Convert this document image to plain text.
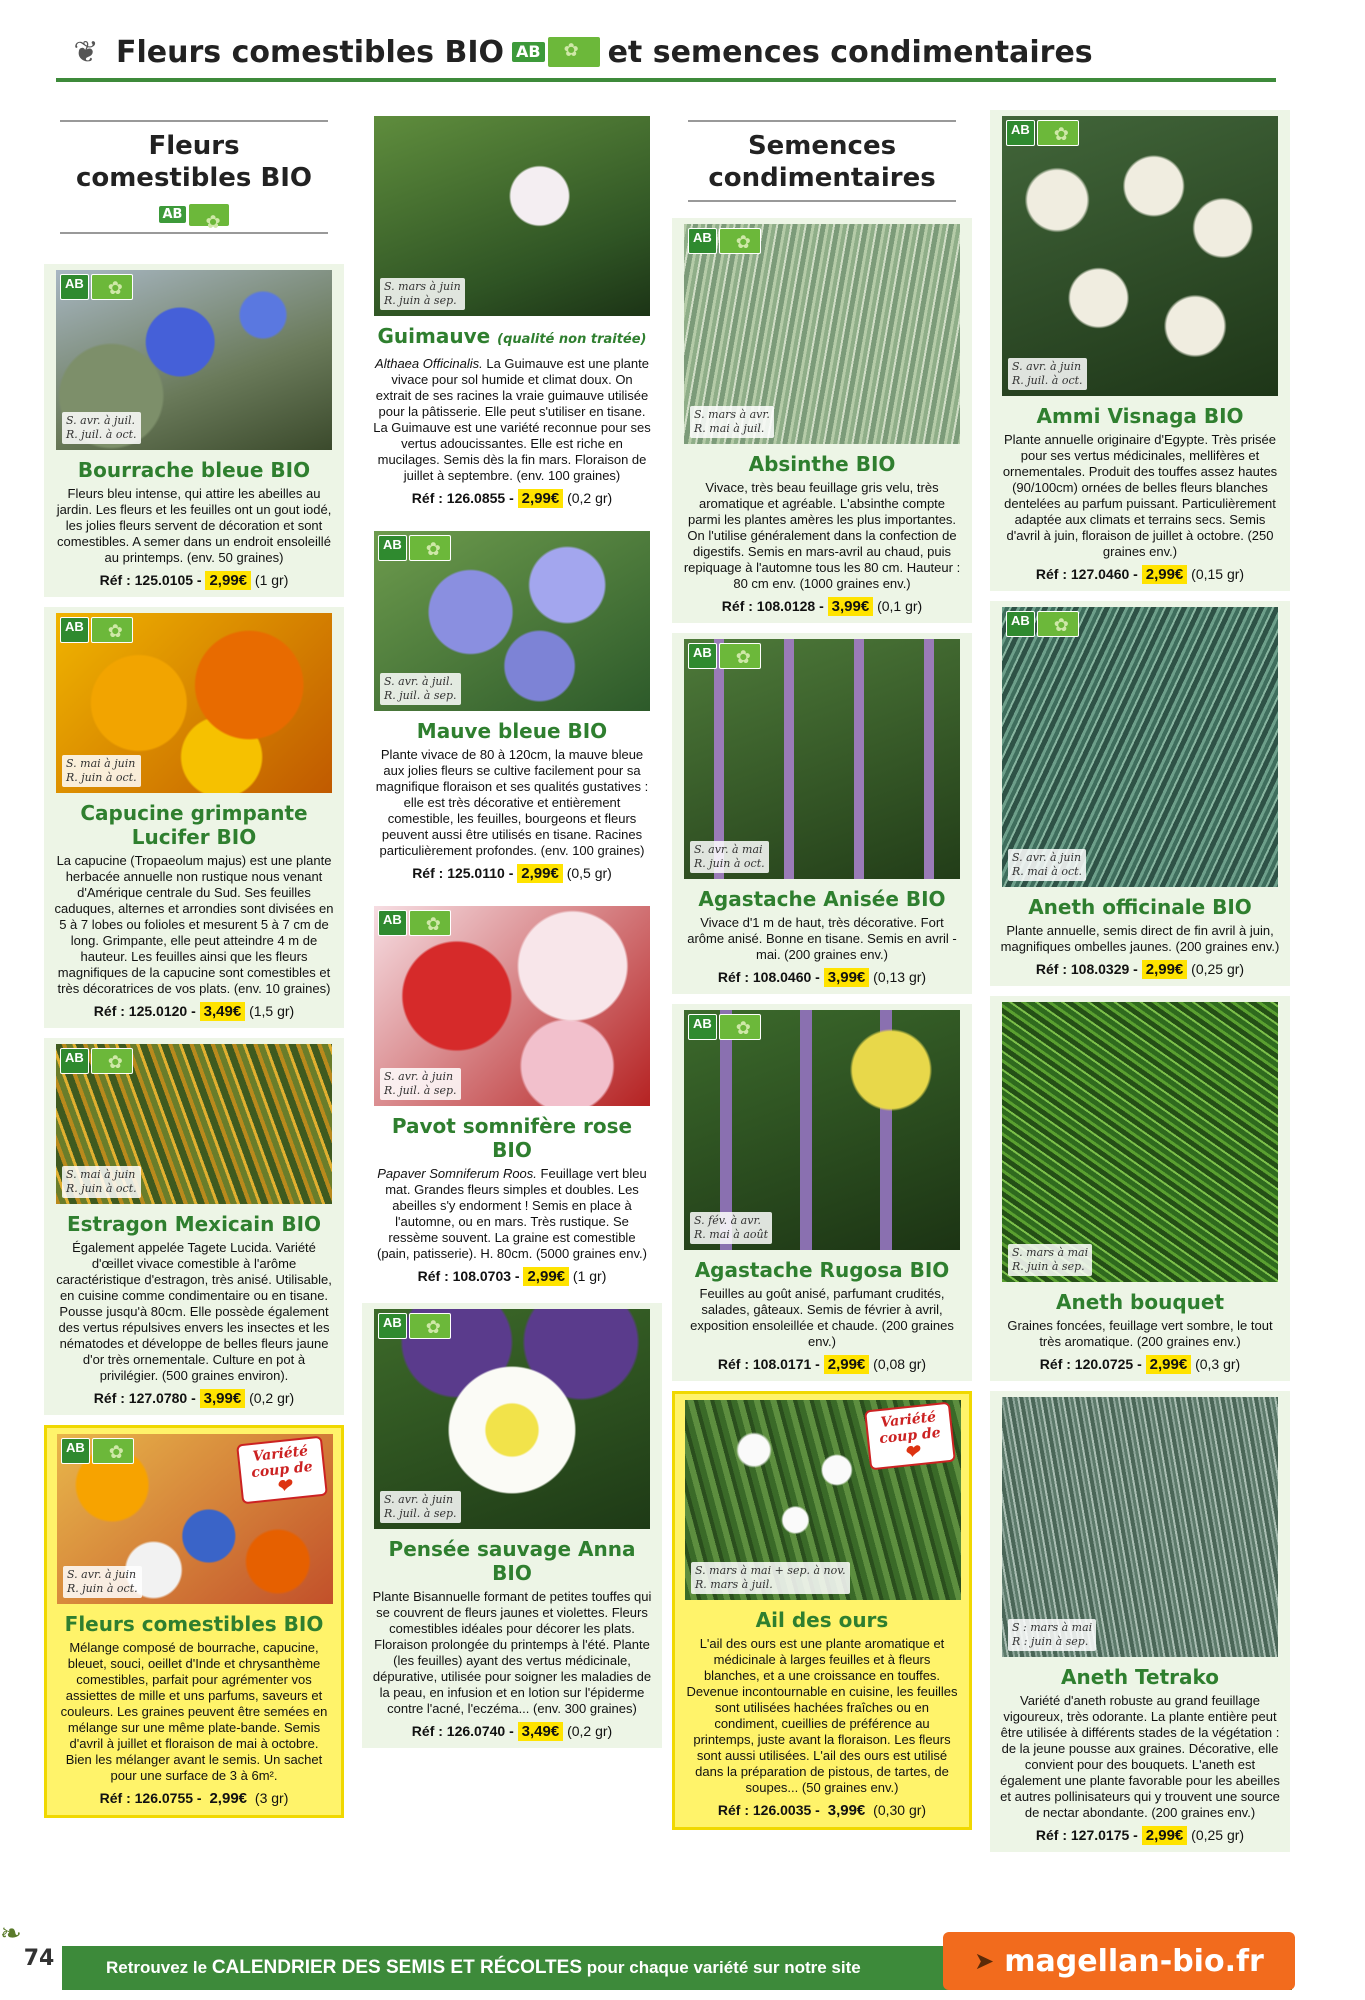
❦ Fleurs comestibles BIO AB ✿ et semences condimentaires
Fleurs comestibles BIO
AB
✿
AB
✿
S. avr. à juil.
R. juil. à oct.
Bourrache bleue BIO
Fleurs bleu intense, qui attire les abeilles au jardin. Les fleurs et les feuilles ont un gout iodé, les jolies fleurs servent de décoration et sont comestibles. A semer dans un endroit ensoleillé au printemps. (env. 50 graines)
Réf : 125.0105 - 2,99€ (1 gr)
AB
✿
S. mai à juin
R. juin à oct.
Capucine grimpante Lucifer BIO
La capucine (Tropaeolum majus) est une plante herbacée annuelle non rustique nous venant d'Amérique centrale du Sud. Ses feuilles caduques, alternes et arrondies sont divisées en 5 à 7 lobes ou folioles et mesurent 5 à 7 cm de long. Grimpante, elle peut atteindre 4 m de hauteur. Les feuilles ainsi que les fleurs magnifiques de la capucine sont comestibles et très décoratrices de vos plats. (env. 10 graines)
Réf : 125.0120 - 3,49€ (1,5 gr)
AB
✿
S. mai à juin
R. juin à oct.
Estragon Mexicain BIO
Également appelée Tagete Lucida. Variété d'œillet vivace comestible à l'arôme caractéristique d'estragon, très anisé. Utilisable, en cuisine comme condimentaire ou en tisane. Pousse jusqu'à 80cm. Elle possède également des vertus répulsives envers les insectes et les nématodes et développe de belles fleurs jaune d'or très ornementale. Culture en pot à privilégier. (500 graines environ).
Réf : 127.0780 - 3,99€ (0,2 gr)
AB ✿	Variété
coup de
❤
S. avr. à juin
R. juin à oct.
Fleurs comestibles BIO
Mélange composé de bourrache, capucine, bleuet, souci, oeillet d'Inde et chrysanthème comestibles, parfait pour agrémenter vos assiettes de mille et uns parfums, saveurs et couleurs. Les graines peuvent être semées en mélange sur une même plate-bande. Semis d'avril à juillet et floraison de mai à octobre. Bien les mélanger avant le semis. Un sachet pour une surface de 3 à 6m².
Réf : 126.0755 - 2,99€ (3 gr)
S. mars à juin
R. juin à sep.
Guimauve (qualité non traitée)
Althaea Officinalis. La Guimauve est une plante vivace pour sol humide et climat doux. On extrait de ses racines la vraie guimauve utilisée pour la pâtisserie. Elle peut s'utiliser en tisane. La Guimauve est une variété reconnue pour ses vertus adoucissantes. Elle est riche en mucilages. Semis dès la fin mars. Floraison de juillet à septembre. (env. 100 graines)
Réf : 126.0855 - 2,99€ (0,2 gr)
AB
✿
S. avr. à juil.
R. juil. à sep.
Mauve bleue BIO
Plante vivace de 80 à 120cm, la mauve bleue aux jolies fleurs se cultive facilement pour sa magnifique floraison et ses qualités gustatives : elle est très décorative et entièrement comestible, les feuilles, bourgeons et fleurs peuvent aussi être utilisés en tisane. Racines particulièrement profondes. (env. 100 graines)
Réf : 125.0110 - 2,99€ (0,5 gr)
AB
✿
S. avr. à juin
R. juil. à sep.
Pavot somnifère rose BIO
Papaver Somniferum Roos. Feuillage vert bleu mat. Grandes fleurs simples et doubles. Les abeilles s'y endorment ! Semis en place à l'automne, ou en mars. Très rustique. Se ressème souvent. La graine est comestible (pain, patisserie). H. 80cm. (5000 graines env.)
Réf : 108.0703 - 2,99€ (1 gr)
AB
✿
S. avr. à juin
R. juil. à sep.
Pensée sauvage Anna BIO
Plante Bisannuelle formant de petites touffes qui se couvrent de fleurs jaunes et violettes. Fleurs comestibles idéales pour décorer les plats. Floraison prolongée du printemps à l'été. Plante (les feuilles) ayant des vertus médicinale, dépurative, utilisée pour soigner les maladies de la peau, en infusion et en lotion sur l'épiderme contre l'acné, l'eczéma... (env. 300 graines)
Réf : 126.0740 - 3,49€ (0,2 gr)
Semences condimentaires
AB
✿
S. mars à avr.
R. mai à juil.
Absinthe BIO
Vivace, très beau feuillage gris velu, très aromatique et agréable. L'absinthe compte parmi les plantes amères les plus importantes. On l'utilise généralement dans la confection de digestifs. Semis en mars-avril au chaud, puis repiquage à l'automne tous les 80 cm. Hauteur : 80 cm env. (1000 graines env.)
Réf : 108.0128 - 3,99€ (0,1 gr)
AB
✿
S. avr. à mai
R. juin à oct.
Agastache Anisée BIO
Vivace d'1 m de haut, très décorative. Fort arôme anisé. Bonne en tisane. Semis en avril - mai. (200 graines env.)
Réf : 108.0460 - 3,99€ (0,13 gr)
AB
✿
S. fév. à avr.
R. mai à août
Agastache Rugosa BIO
Feuilles au goût anisé, parfumant crudités, salades, gâteaux. Semis de février à avril, exposition ensoleillée et chaude. (200 graines env.)
Réf : 108.0171 - 2,99€ (0,08 gr)
Variété
coup de
❤
S. mars à mai + sep. à nov.
R. mars à juil.
Ail des ours
L'ail des ours est une plante aromatique et médicinale à larges feuilles et à fleurs blanches, et a une croissance en touffes. Devenue incontournable en cuisine, les feuilles sont utilisées hachées fraîches ou en condiment, cueillies de préférence au printemps, juste avant la floraison. Les fleurs sont aussi utilisées. L'ail des ours est utilisé dans la préparation de pistous, de tartes, de soupes... (50 graines env.)
Réf : 126.0035 - 3,99€ (0,30 gr)
AB
✿
S. avr. à juin
R. juil. à oct.
Ammi Visnaga BIO
Plante annuelle originaire d'Egypte. Très prisée pour ses vertus médicinales, mellifères et ornementales. Produit des touffes assez hautes (90/100cm) ornées de belles fleurs blanches dentelées au parfum puissant. Particulièrement adaptée aux climats et terrains secs. Semis d'avril à juin, floraison de juillet à octobre. (250 graines env.)
Réf : 127.0460 - 2,99€ (0,15 gr)
AB
✿
S. avr. à juin
R. mai à oct.
Aneth officinale BIO
Plante annuelle, semis direct de fin avril à juin, magnifiques ombelles jaunes. (200 graines env.)
Réf : 108.0329 - 2,99€ (0,25 gr)
S. mars à mai
R. juin à sep.
Aneth bouquet
Graines foncées, feuillage vert sombre, le tout très aromatique. (200 graines env.)
Réf : 120.0725 - 2,99€ (0,3 gr)
S : mars à mai
R : juin à sep.
Aneth Tetrako
Variété d'aneth robuste au grand feuillage vigoureux, très odorante. La plante entière peut être utilisée à différents stades de la végétation : de la jeune pousse aux graines. Décorative, elle convient pour des bouquets. L'aneth est également une plante favorable pour les abeilles et autres pollinisateurs qui y trouvent une source de nectar abondante. (200 graines env.)
Réf : 127.0175 - 2,99€ (0,25 gr)
❧
74	Retrouvez le CALENDRIER DES SEMIS ET RÉCOLTES pour chaque variété sur notre site	➤ magellan-bio.fr
